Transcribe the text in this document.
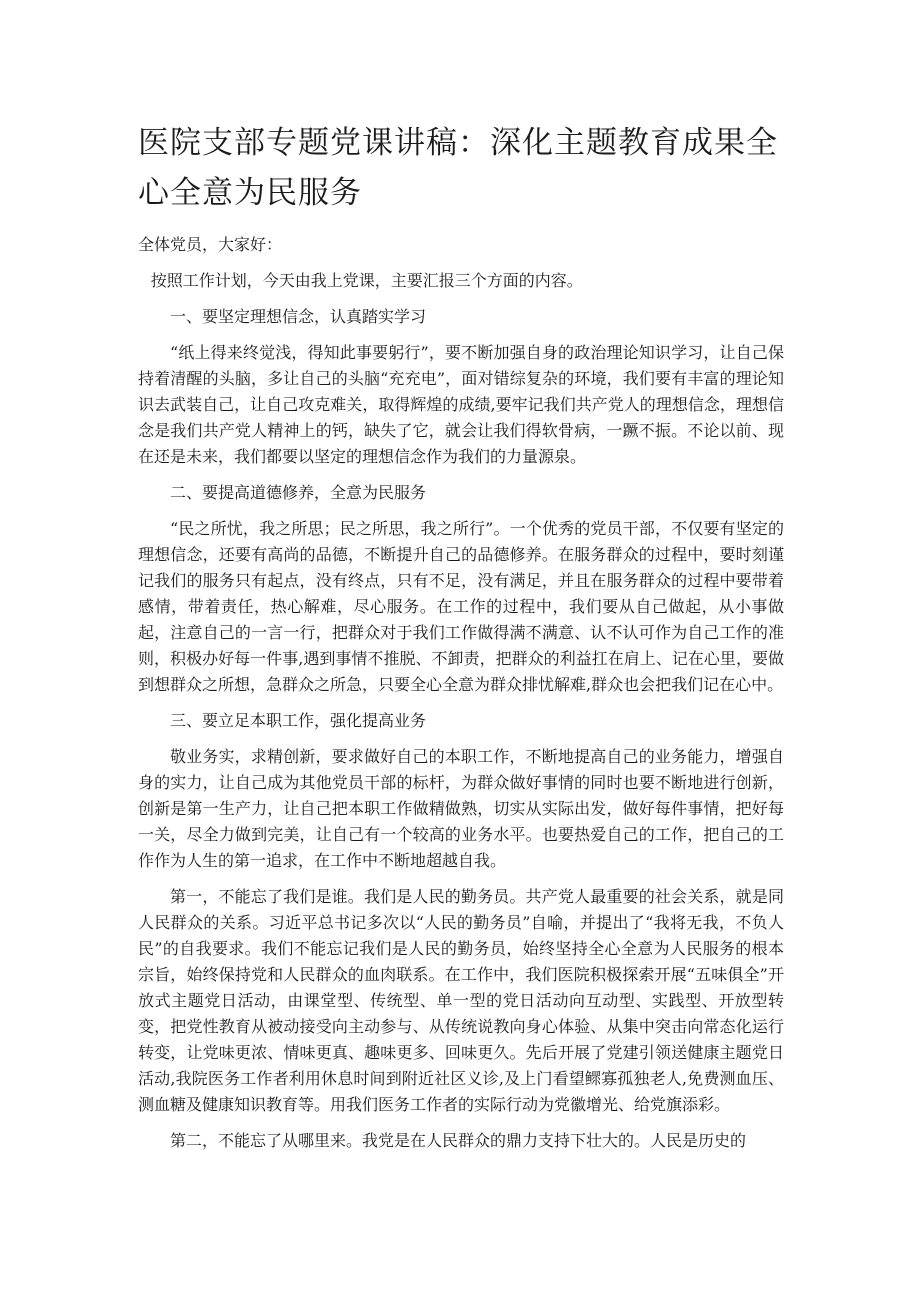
医院支部专题党课讲稿：深化主题教育成果全心全意为民服务

全体党员，大家好：

按照工作计划，今天由我上党课，主要汇报三个方面的内容。

一、要坚定理想信念，认真踏实学习

“纸上得来终觉浅，得知此事要躬行”，要不断加强自身的政治理论知识学习，让自己保持着清醒的头脑，多让自己的头脑“充充电”，面对错综复杂的环境，我们要有丰富的理论知识去武装自己，让自己攻克难关，取得辉煌的成绩,要牢记我们共产党人的理想信念，理想信念是我们共产党人精神上的钙，缺失了它，就会让我们得软骨病，一蹶不振。不论以前、现在还是未来，我们都要以坚定的理想信念作为我们的力量源泉。

二、要提高道德修养，全意为民服务

“民之所忧，我之所思；民之所思，我之所行”。一个优秀的党员干部，不仅要有坚定的理想信念，还要有高尚的品德，不断提升自己的品德修养。在服务群众的过程中，要时刻谨记我们的服务只有起点，没有终点，只有不足，没有满足，并且在服务群众的过程中要带着感情，带着责任，热心解难，尽心服务。在工作的过程中，我们要从自己做起，从小事做起，注意自己的一言一行，把群众对于我们工作做得满不满意、认不认可作为自己工作的准则，积极办好每一件事,遇到事情不推脱、不卸责，把群众的利益扛在肩上、记在心里，要做到想群众之所想，急群众之所急，只要全心全意为群众排忧解难,群众也会把我们记在心中。

三、要立足本职工作，强化提高业务

敬业务实，求精创新，要求做好自己的本职工作，不断地提高自己的业务能力，增强自身的实力，让自己成为其他党员干部的标杆，为群众做好事情的同时也要不断地进行创新，创新是第一生产力，让自己把本职工作做精做熟，切实从实际出发，做好每件事情，把好每一关，尽全力做到完美，让自己有一个较高的业务水平。也要热爱自己的工作，把自己的工作作为人生的第一追求，在工作中不断地超越自我。

第一，不能忘了我们是谁。我们是人民的勤务员。共产党人最重要的社会关系，就是同人民群众的关系。习近平总书记多次以“人民的勤务员”自喻，并提出了“我将无我，不负人民”的自我要求。我们不能忘记我们是人民的勤务员，始终坚持全心全意为人民服务的根本宗旨，始终保持党和人民群众的血肉联系。在工作中，我们医院积极探索开展“五味俱全”开放式主题党日活动，由课堂型、传统型、单一型的党日活动向互动型、实践型、开放型转变，把党性教育从被动接受向主动参与、从传统说教向身心体验、从集中突击向常态化运行转变，让党味更浓、情味更真、趣味更多、回味更久。先后开展了党建引领送健康主题党日活动,我院医务工作者利用休息时间到附近社区义诊,及上门看望鳏寡孤独老人,免费测血压、测血糖及健康知识教育等。用我们医务工作者的实际行动为党徽增光、给党旗添彩。

第二，不能忘了从哪里来。我党是在人民群众的鼎力支持下壮大的。人民是历史的
